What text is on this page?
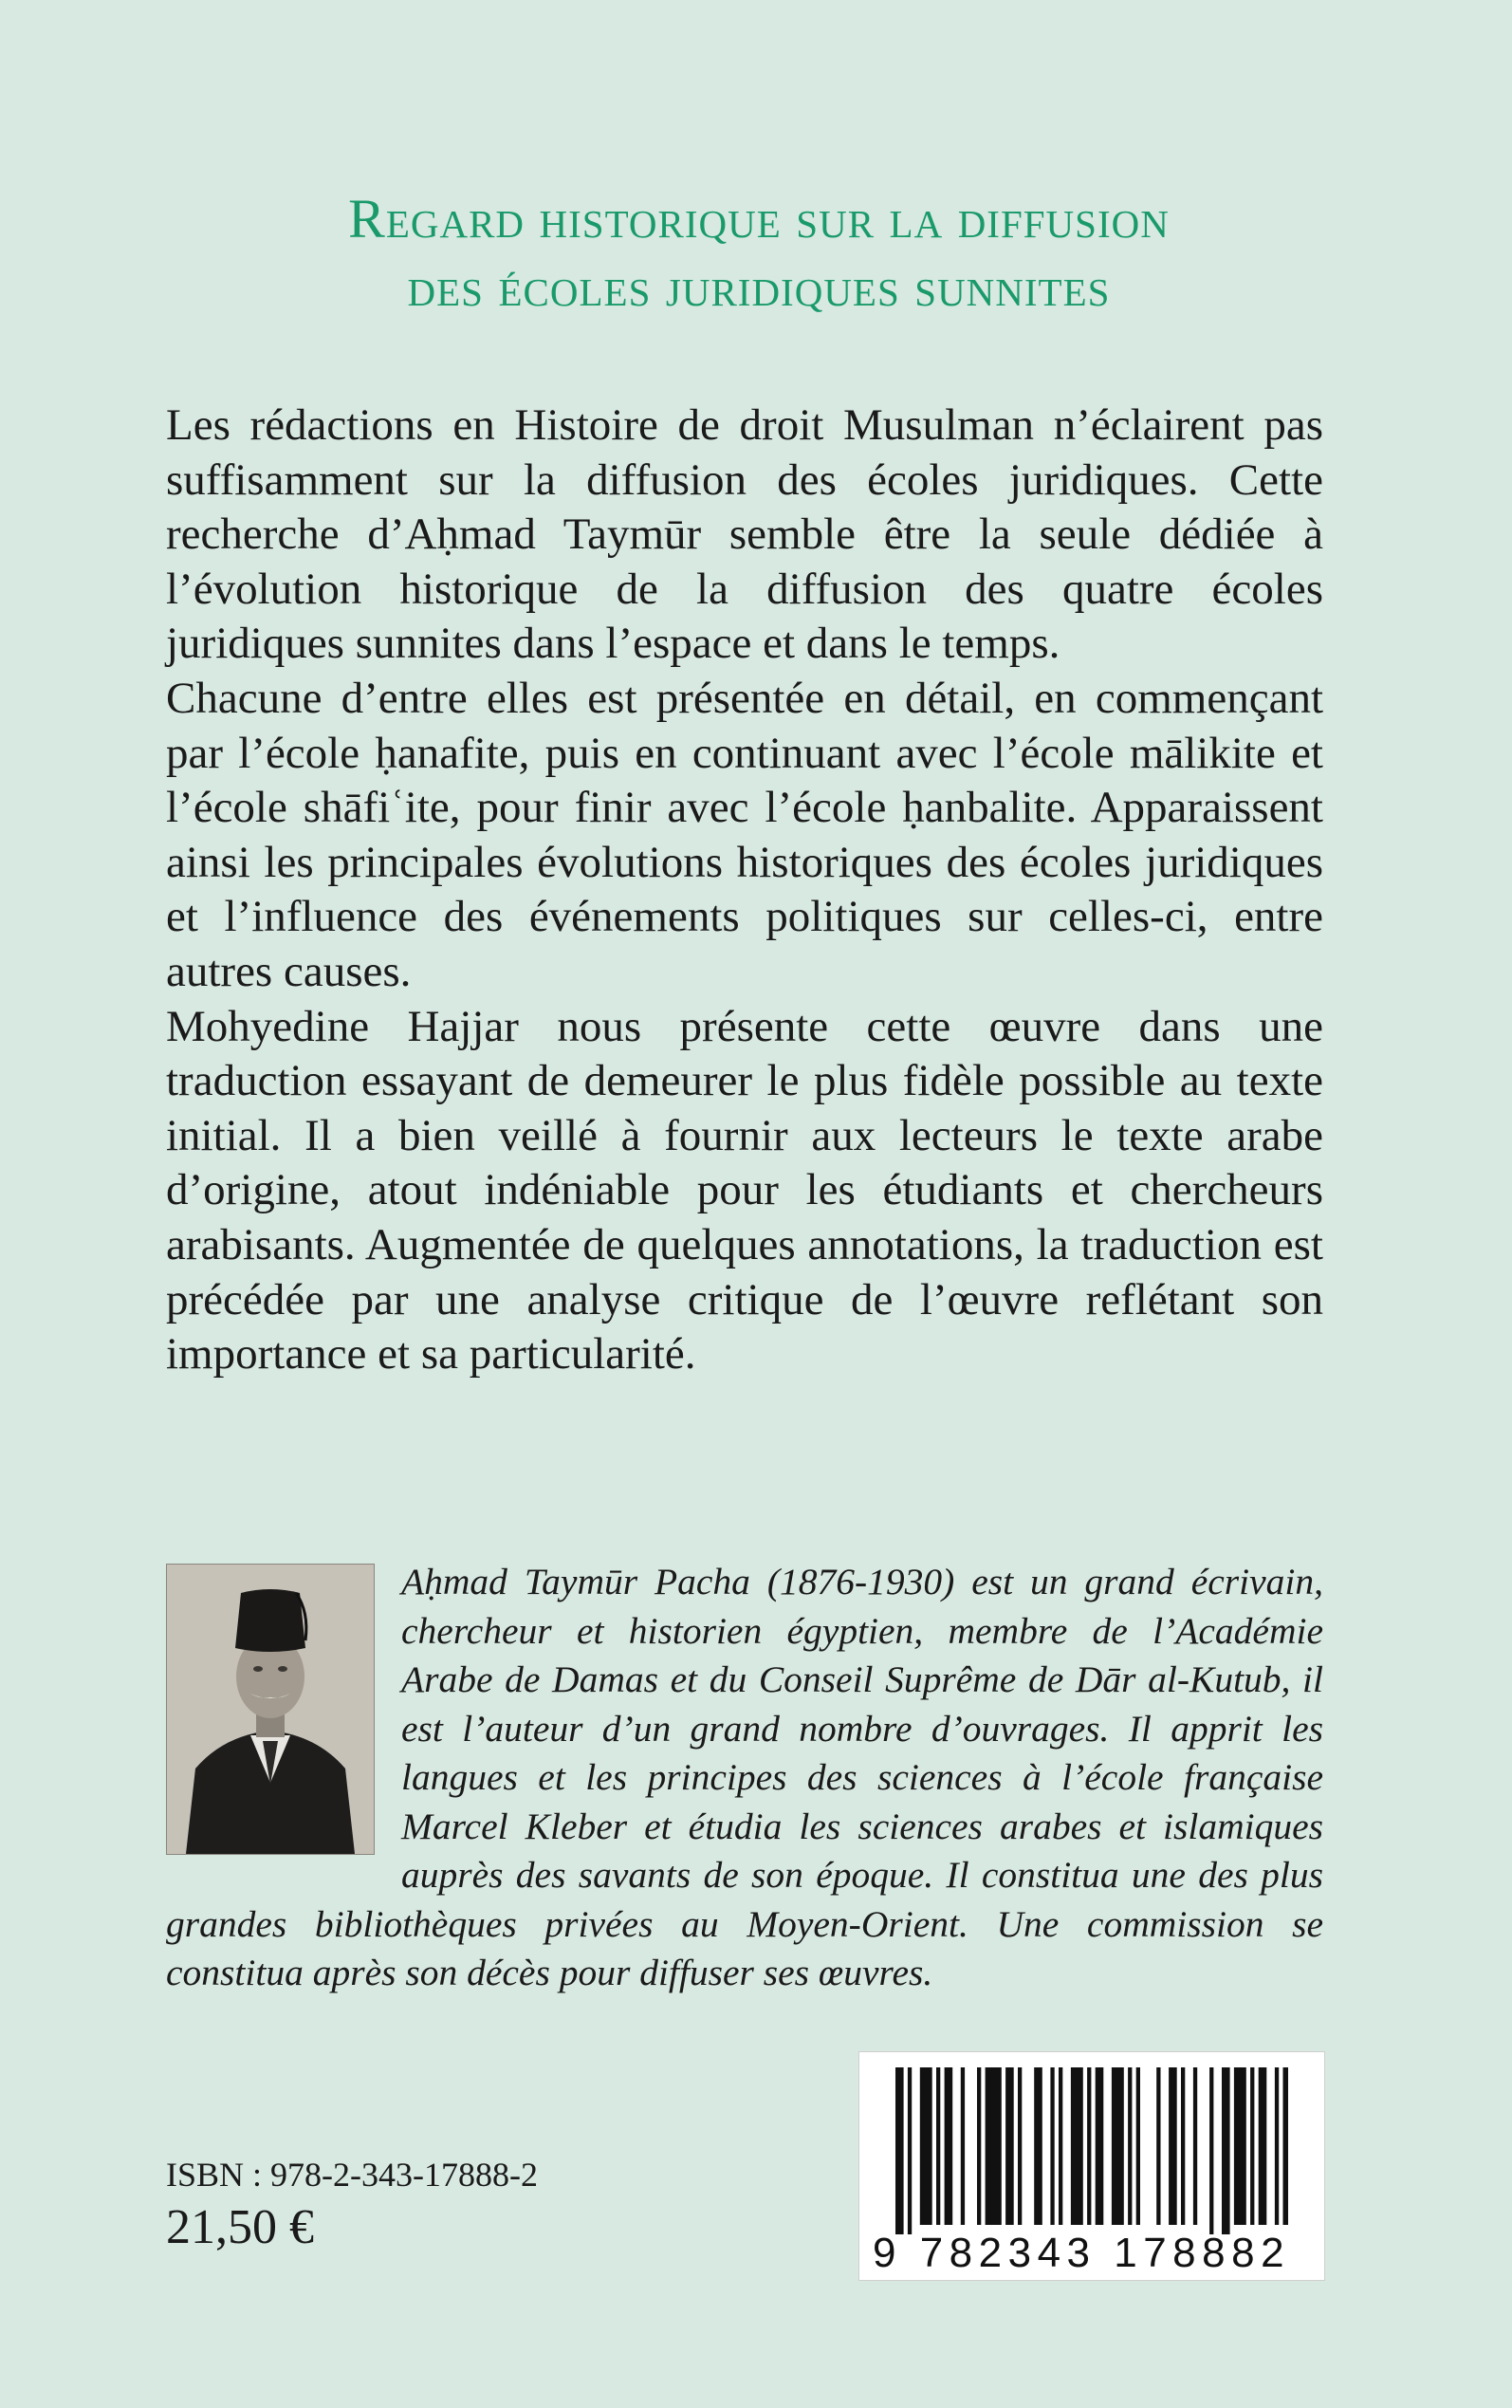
Regard historique sur la diffusion
des écoles juridiques sunnites

Les rédactions en Histoire de droit Musulman n’éclairent pas suffisamment sur la diffusion des écoles juridiques. Cette recherche d’Aḥmad Taymūr semble être la seule dédiée à l’évolution historique de la diffusion des quatre écoles juridiques sunnites dans l’espace et dans le temps.

Chacune d’entre elles est présentée en détail, en commençant par l’école ḥanafite, puis en continuant avec l’école mālikite et l’école shāfiʿite, pour finir avec l’école ḥanbalite. Apparaissent ainsi les principales évolutions historiques des écoles juridiques et l’influence des événements politiques sur celles-ci, entre autres causes.

Mohyedine Hajjar nous présente cette œuvre dans une traduction essayant de demeurer le plus fidèle possible au texte initial. Il a bien veillé à fournir aux lecteurs le texte arabe d’origine, atout indéniable pour les étudiants et chercheurs arabisants. Augmentée de quelques annotations, la traduction est précédée par une analyse critique de l’œuvre reflétant son importance et sa particularité.

Aḥmad Taymūr Pacha (1876-1930) est un grand écrivain, chercheur et historien égyptien, membre de l’Académie Arabe de Damas et du Conseil Suprême de Dār al-Kutub, il est l’auteur d’un grand nombre d’ouvrages. Il apprit les langues et les principes des sciences à l’école française Marcel Kleber et étudia les sciences arabes et islamiques auprès des savants de son époque. Il constitua une des plus grandes bibliothèques privées au Moyen-Orient. Une commission se constitua après son décès pour diffuser ses œuvres.
ISBN : 978-2-343-17888-2
21,50 €	9 782343 178882
